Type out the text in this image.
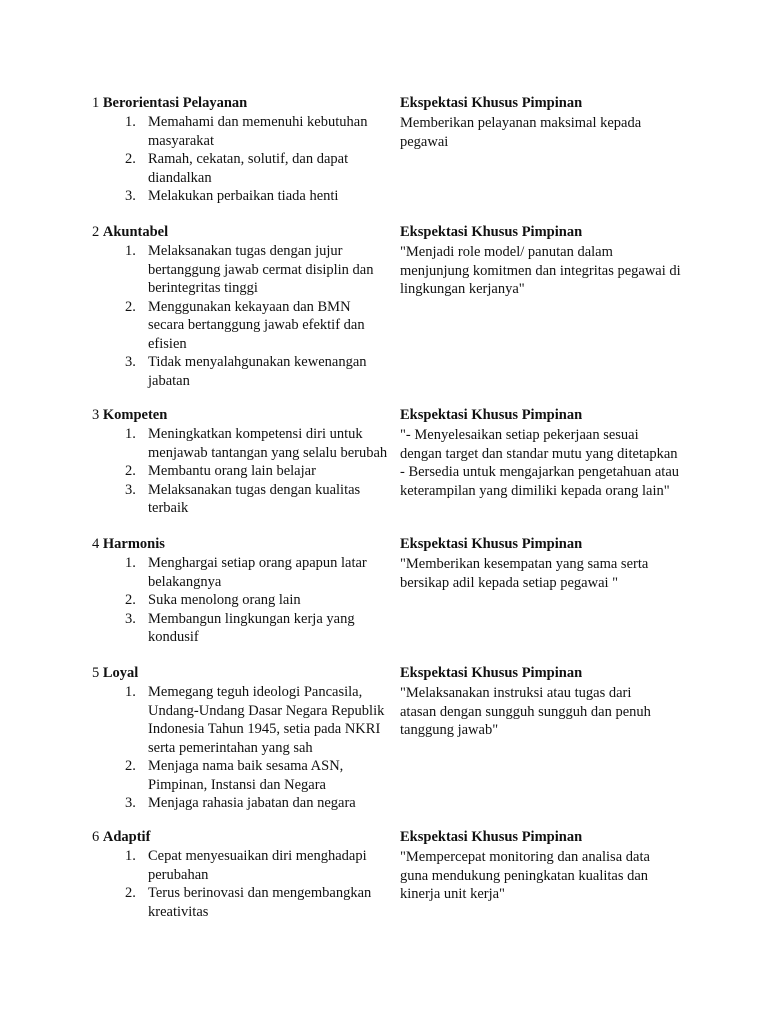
1 Berorientasi Pelayanan
1. Memahami dan memenuhi kebutuhan masyarakat
2. Ramah, cekatan, solutif, dan dapat diandalkan
3. Melakukan perbaikan tiada henti
Ekspektasi Khusus Pimpinan
Memberikan pelayanan maksimal kepada pegawai
2 Akuntabel
1. Melaksanakan tugas dengan jujur bertanggung jawab cermat disiplin dan berintegritas tinggi
2. Menggunakan kekayaan dan BMN secara bertanggung jawab efektif dan efisien
3. Tidak menyalahgunakan kewenangan jabatan
Ekspektasi Khusus Pimpinan
"Menjadi role model/ panutan dalam menjunjung komitmen dan integritas pegawai di lingkungan kerjanya"
3 Kompeten
1. Meningkatkan kompetensi diri untuk menjawab tantangan yang selalu berubah
2. Membantu orang lain belajar
3. Melaksanakan tugas dengan kualitas terbaik
Ekspektasi Khusus Pimpinan
"- Menyelesaikan setiap pekerjaan sesuai dengan target dan standar mutu yang ditetapkan - Bersedia untuk mengajarkan pengetahuan atau keterampilan yang dimiliki kepada orang lain"
4 Harmonis
1. Menghargai setiap orang apapun latar belakangnya
2. Suka menolong orang lain
3. Membangun lingkungan kerja yang kondusif
Ekspektasi Khusus Pimpinan
"Memberikan kesempatan yang sama serta bersikap adil kepada setiap pegawai "
5 Loyal
1. Memegang teguh ideologi Pancasila, Undang-Undang Dasar Negara Republik Indonesia Tahun 1945, setia pada NKRI serta pemerintahan yang sah
2. Menjaga nama baik sesama ASN, Pimpinan, Instansi dan Negara
3. Menjaga rahasia jabatan dan negara
Ekspektasi Khusus Pimpinan
"Melaksanakan instruksi atau tugas dari atasan dengan sungguh sungguh dan penuh tanggung jawab"
6 Adaptif
1. Cepat menyesuaikan diri menghadapi perubahan
2. Terus berinovasi dan mengembangkan kreativitas
Ekspektasi Khusus Pimpinan
"Mempercepat monitoring dan analisa data guna mendukung peningkatan kualitas dan kinerja unit kerja"
